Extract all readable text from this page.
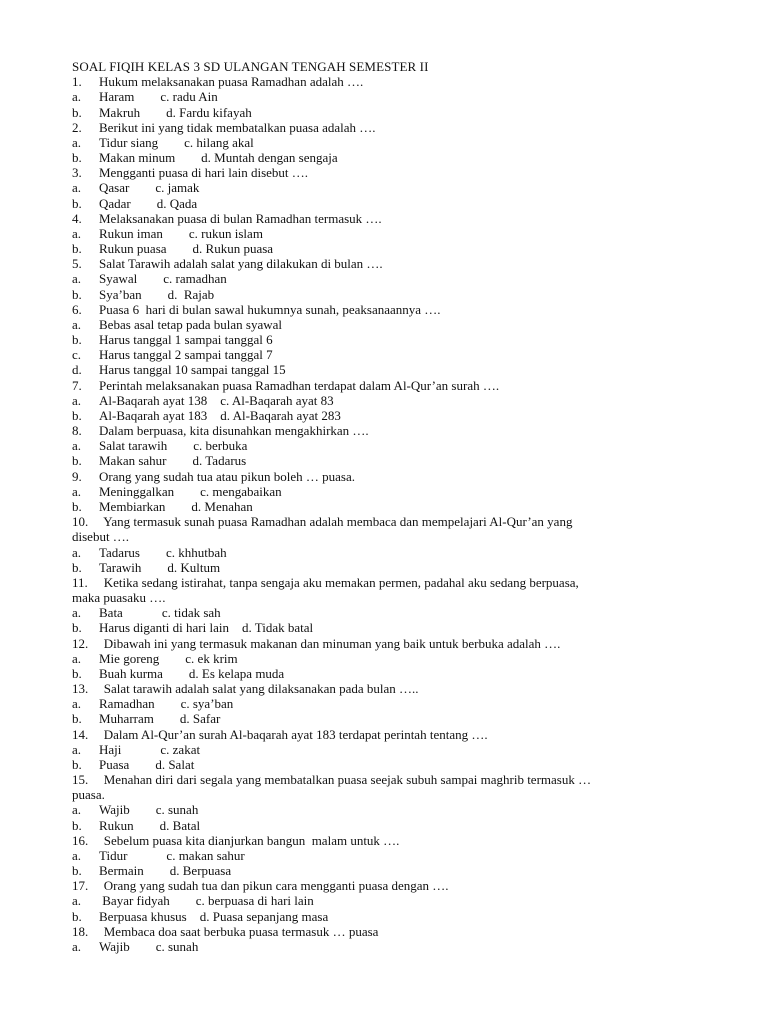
SOAL FIQIH KELAS 3 SD ULANGAN TENGAH SEMESTER II

1. Hukum melaksanakan puasa Ramadhan adalah ….
a. Haram        c. radu Ain
b. Makruh        d. Fardu kifayah
2. Berikut ini yang tidak membatalkan puasa adalah ….
a. Tidur siang        c. hilang akal
b. Makan minum        d. Muntah dengan sengaja
3. Mengganti puasa di hari lain disebut ….
a. Qasar        c. jamak
b. Qadar        d. Qada
4. Melaksanakan puasa di bulan Ramadhan termasuk ….
a. Rukun iman        c. rukun islam
b. Rukun puasa        d. Rukun puasa
5. Salat Tarawih adalah salat yang dilakukan di bulan ….
a. Syawal        c. ramadhan
b. Sya’ban        d.  Rajab
6. Puasa 6  hari di bulan sawal hukumnya sunah, peaksanaannya ….
a. Bebas asal tetap pada bulan syawal
b. Harus tanggal 1 sampai tanggal 6
c. Harus tanggal 2 sampai tanggal 7
d. Harus tanggal 10 sampai tanggal 15
7. Perintah melaksanakan puasa Ramadhan terdapat dalam Al-Qur’an surah ….
a. Al-Baqarah ayat 138    c. Al-Baqarah ayat 83
b. Al-Baqarah ayat 183    d. Al-Baqarah ayat 283
8. Dalam berpuasa, kita disunahkan mengakhirkan ….
a. Salat tarawih        c. berbuka
b. Makan sahur        d. Tadarus
9. Orang yang sudah tua atau pikun boleh … puasa.
a. Meninggalkan        c. mengabaikan
b. Membiarkan        d. Menahan
10. Yang termasuk sunah puasa Ramadhan adalah membaca dan mempelajari Al-Qur’an yang
disebut ….
a. Tadarus        c. khhutbah
b. Tarawih        d. Kultum
11. Ketika sedang istirahat, tanpa sengaja aku memakan permen, padahal aku sedang berpuasa,
maka puasaku ….
a. Bata            c. tidak sah
b. Harus diganti di hari lain    d. Tidak batal
12. Dibawah ini yang termasuk makanan dan minuman yang baik untuk berbuka adalah ….
a. Mie goreng        c. ek krim
b. Buah kurma        d. Es kelapa muda
13. Salat tarawih adalah salat yang dilaksanakan pada bulan …..
a. Ramadhan        c. sya’ban
b. Muharram        d. Safar
14. Dalam Al-Qur’an surah Al-baqarah ayat 183 terdapat perintah tentang ….
a. Haji            c. zakat
b. Puasa        d. Salat
15. Menahan diri dari segala yang membatalkan puasa seejak subuh sampai maghrib termasuk …
puasa.
a. Wajib        c. sunah
b. Rukun        d. Batal
16. Sebelum puasa kita dianjurkan bangun  malam untuk ….
a. Tidur            c. makan sahur
b. Bermain        d. Berpuasa
17. Orang yang sudah tua dan pikun cara mengganti puasa dengan ….
a. Bayar fidyah        c. berpuasa di hari lain
b. Berpuasa khusus    d. Puasa sepanjang masa
18. Membaca doa saat berbuka puasa termasuk … puasa
a. Wajib        c. sunah
